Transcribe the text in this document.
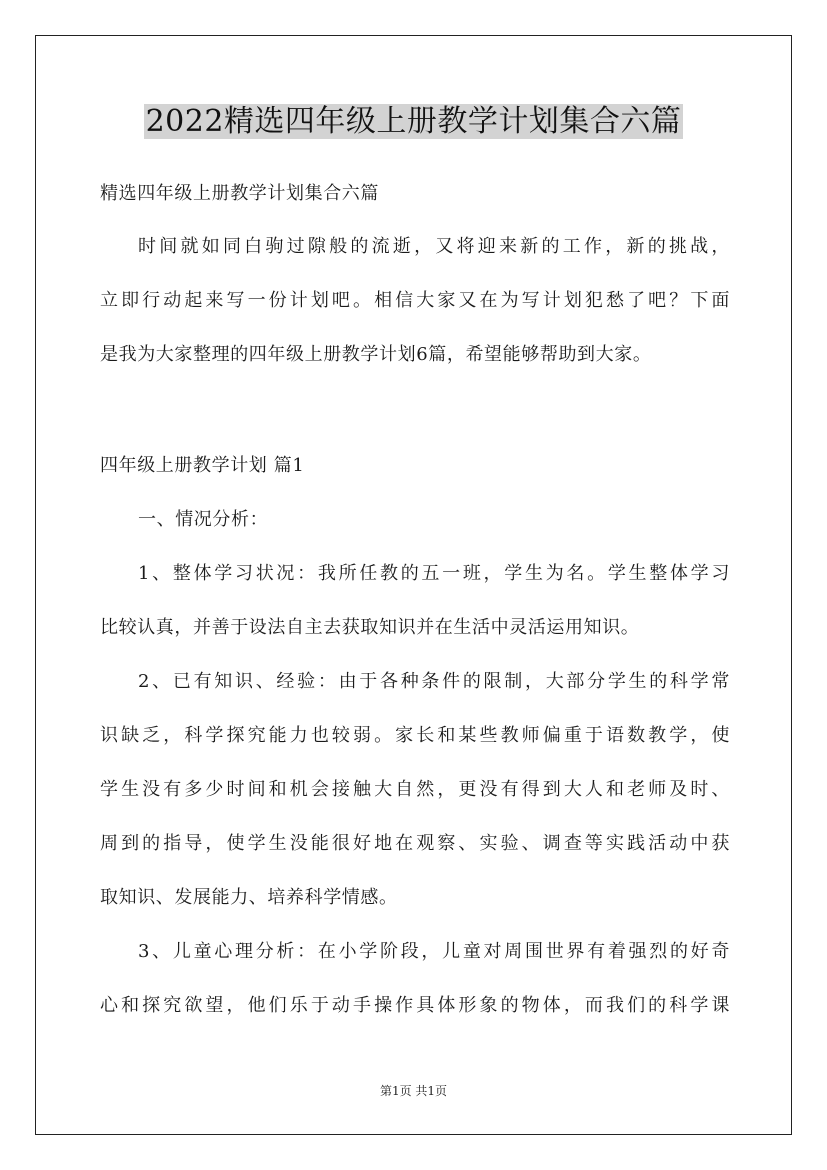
2022精选四年级上册教学计划集合六篇
精选四年级上册教学计划集合六篇
时间就如同白驹过隙般的流逝，又将迎来新的工作，新的挑战，
立即行动起来写一份计划吧。相信大家又在为写计划犯愁了吧？下面
是我为大家整理的四年级上册教学计划6篇，希望能够帮助到大家。
四年级上册教学计划 篇1
一、情况分析：
1、整体学习状况：我所任教的五一班，学生为名。学生整体学习
比较认真，并善于设法自主去获取知识并在生活中灵活运用知识。
2、已有知识、经验：由于各种条件的限制，大部分学生的科学常
识缺乏，科学探究能力也较弱。家长和某些教师偏重于语数教学，使
学生没有多少时间和机会接触大自然，更没有得到大人和老师及时、
周到的指导，使学生没能很好地在观察、实验、调查等实践活动中获
取知识、发展能力、培养科学情感。
3、儿童心理分析：在小学阶段，儿童对周围世界有着强烈的好奇
心和探究欲望，他们乐于动手操作具体形象的物体，而我们的科学课
第1页 共1页
